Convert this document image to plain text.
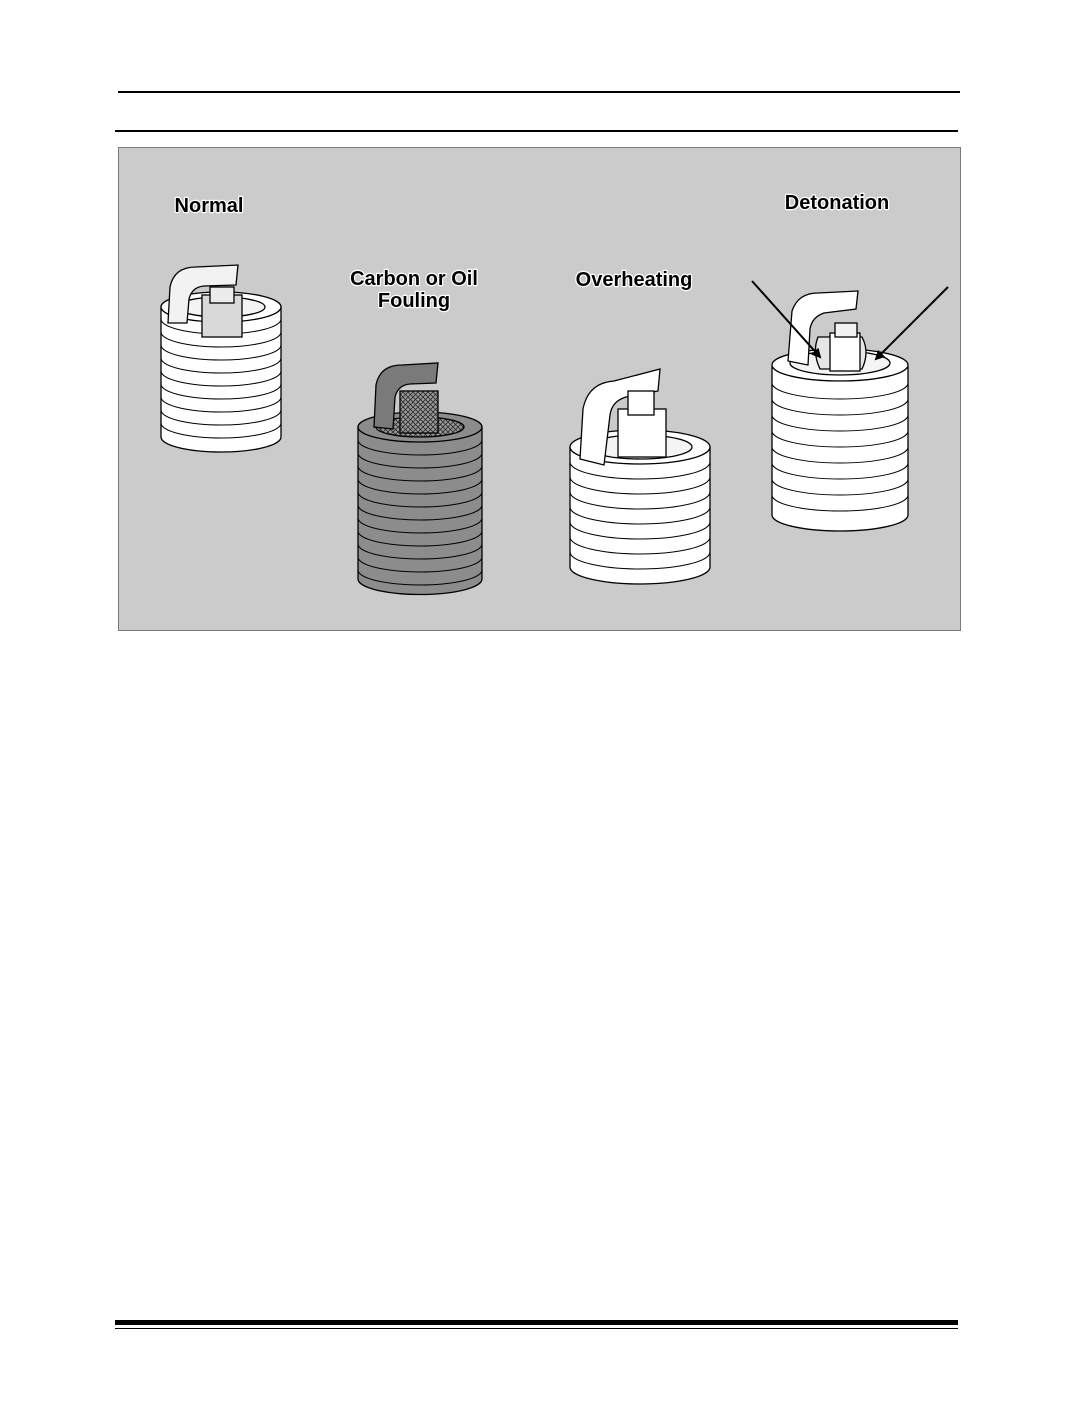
Normal
Carbon or Oil
Fouling
Overheating
Detonation
